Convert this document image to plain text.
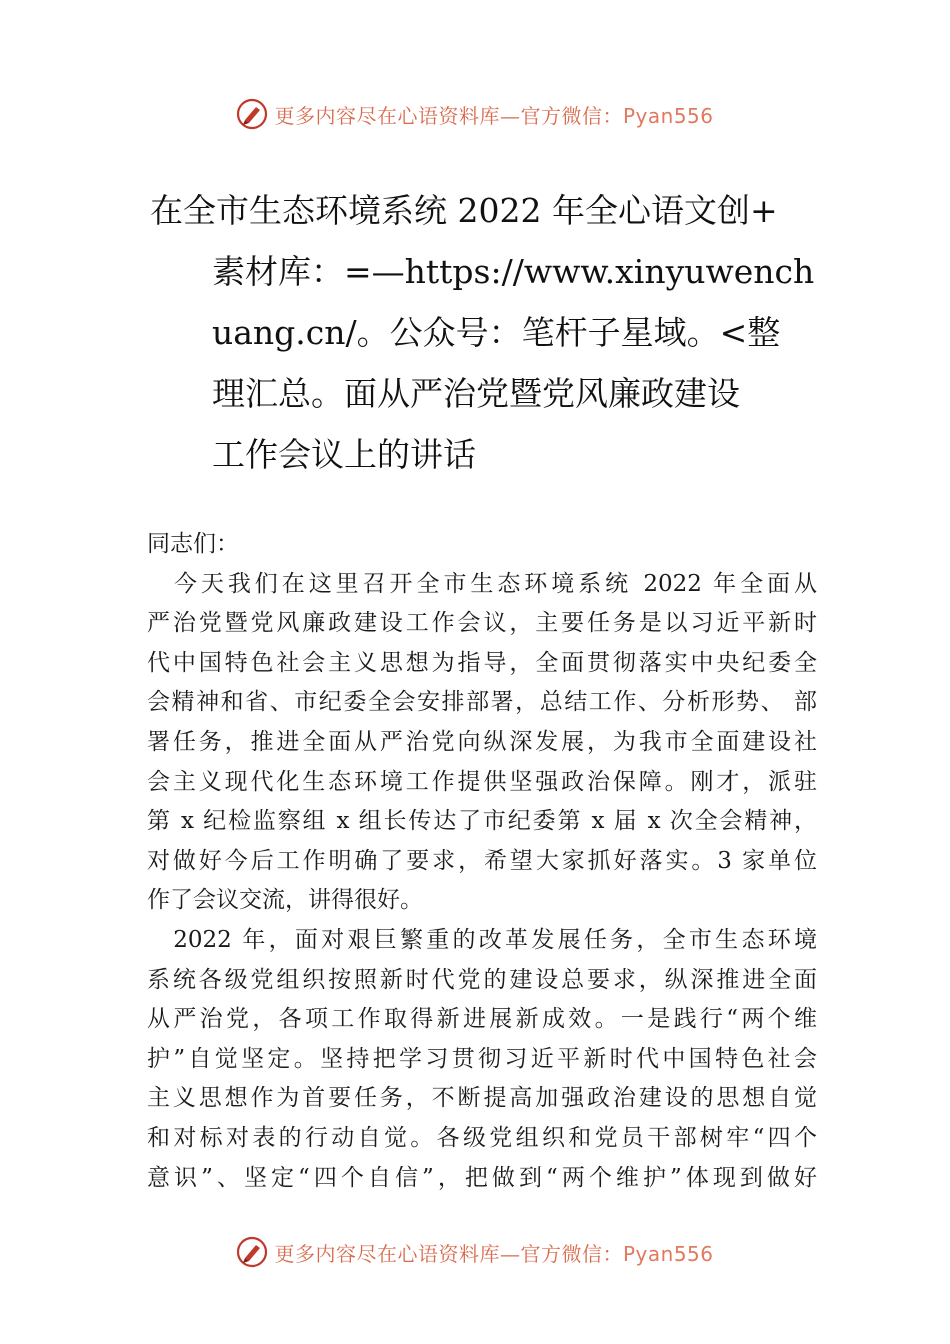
更多内容尽在心语资料库—官方微信：Pyan556
在全市生态环境系统 2022 年全心语文创+
素材库：=—https://www.xinyuwench
uang.cn/。公众号：笔杆子星域。<整
理汇总。面从严治党暨党风廉政建设
工作会议上的讲话
同志们：
　今天我们在这里召开全市生态环境系统 2022 年全面从
严治党暨党风廉政建设工作会议，主要任务是以习近平新时
代中国特色社会主义思想为指导，全面贯彻落实中央纪委全
会精神和省、市纪委全会安排部署，总结工作、分析形势、 部
署任务，推进全面从严治党向纵深发展，为我市全面建设社
会主义现代化生态环境工作提供坚强政治保障。刚才，派驻
第 x 纪检监察组 x 组长传达了市纪委第 x 届 x 次全会精神，
对做好今后工作明确了要求，希望大家抓好落实。3 家单位
作了会议交流，讲得很好。
　2022 年，面对艰巨繁重的改革发展任务，全市生态环境
系统各级党组织按照新时代党的建设总要求，纵深推进全面
从严治党，各项工作取得新进展新成效。一是践行“两个维
护”自觉坚定。坚持把学习贯彻习近平新时代中国特色社会
主义思想作为首要任务，不断提高加强政治建设的思想自觉
和对标对表的行动自觉。各级党组织和党员干部树牢“四个
意识”、坚定“四个自信”，把做到“两个维护”体现到做好
更多内容尽在心语资料库—官方微信：Pyan556
